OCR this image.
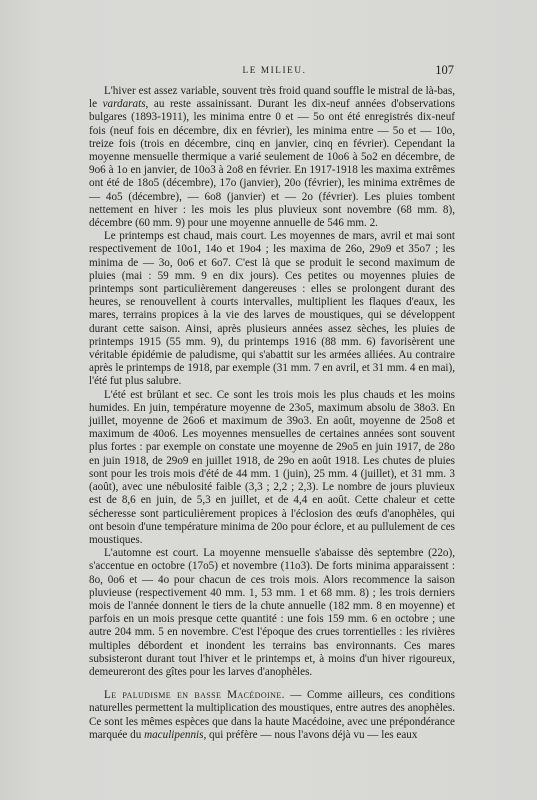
LE MILIEU.	107

L'hiver est assez variable, souvent très froid quand souffle le mistral de là-bas, le vardarats, au reste assainissant. Durant les dix-neuf années d'observations bulgares (1893-1911), les minima entre 0 et — 5o ont été enregistrés dix-neuf fois (neuf fois en décembre, dix en février), les minima entre — 5o et — 10o, treize fois (trois en décembre, cinq en janvier, cinq en février). Cependant la moyenne mensuelle thermique a varié seulement de 10o6 à 5o2 en décembre, de 9o6 à 1o en janvier, de 10o3 à 2o8 en février. En 1917-1918 les maxima extrêmes ont été de 18o5 (décembre), 17o (janvier), 20o (février), les minima extrêmes de — 4o5 (décembre), — 6o8 (janvier) et — 2o (février). Les pluies tombent nettement en hiver : les mois les plus pluvieux sont novembre (68 mm. 8), décembre (60 mm. 9) pour une moyenne annuelle de 546 mm. 2.

Le printemps est chaud, mais court. Les moyennes de mars, avril et mai sont respectivement de 10o1, 14o et 19o4 ; les maxima de 26o, 29o9 et 35o7 ; les minima de — 3o, 0o6 et 6o7. C'est là que se produit le second maximum de pluies (mai : 59 mm. 9 en dix jours). Ces petites ou moyennes pluies de printemps sont particulièrement dangereuses : elles se prolongent durant des heures, se renouvellent à courts intervalles, multiplient les flaques d'eaux, les mares, terrains propices à la vie des larves de moustiques, qui se développent durant cette saison. Ainsi, après plusieurs années assez sèches, les pluies de printemps 1915 (55 mm. 9), du printemps 1916 (88 mm. 6) favorisèrent une véritable épidémie de paludisme, qui s'abattit sur les armées alliées. Au contraire après le printemps de 1918, par exemple (31 mm. 7 en avril, et 31 mm. 4 en mai), l'été fut plus salubre.

L'été est brûlant et sec. Ce sont les trois mois les plus chauds et les moins humides. En juin, température moyenne de 23o5, maximum absolu de 38o3. En juillet, moyenne de 26o6 et maximum de 39o3. En août, moyenne de 25o8 et maximum de 40o6. Les moyennes mensuelles de certaines années sont souvent plus fortes : par exemple on constate une moyenne de 29o5 en juin 1917, de 28o en juin 1918, de 29o9 en juillet 1918, de 29o en août 1918. Les chutes de pluies sont pour les trois mois d'été de 44 mm. 1 (juin), 25 mm. 4 (juillet), et 31 mm. 3 (août), avec une nébulosité faible (3,3 ; 2,2 ; 2,3). Le nombre de jours pluvieux est de 8,6 en juin, de 5,3 en juillet, et de 4,4 en août. Cette chaleur et cette sécheresse sont particulièrement propices à l'éclosion des œufs d'anophèles, qui ont besoin d'une température minima de 20o pour éclore, et au pullulement de ces moustiques.

L'automne est court. La moyenne mensuelle s'abaisse dès septembre (22o), s'accentue en octobre (17o5) et novembre (11o3). De forts minima apparaissent : 8o, 0o6 et — 4o pour chacun de ces trois mois. Alors recommence la saison pluvieuse (respectivement 40 mm. 1, 53 mm. 1 et 68 mm. 8) ; les trois derniers mois de l'année donnent le tiers de la chute annuelle (182 mm. 8 en moyenne) et parfois en un mois presque cette quantité : une fois 159 mm. 6 en octobre ; une autre 204 mm. 5 en novembre. C'est l'époque des crues torrentielles : les rivières multiples débordent et inondent les terrains bas environnants. Ces mares subsisteront durant tout l'hiver et le printemps et, à moins d'un hiver rigoureux, demeureront des gîtes pour les larves d'anophèles.

Le paludisme en basse Macédoine. — Comme ailleurs, ces conditions naturelles permettent la multiplication des moustiques, entre autres des anophèles. Ce sont les mêmes espèces que dans la haute Macédoine, avec une prépondérance marquée du maculipennis, qui préfère — nous l'avons déjà vu — les eaux
